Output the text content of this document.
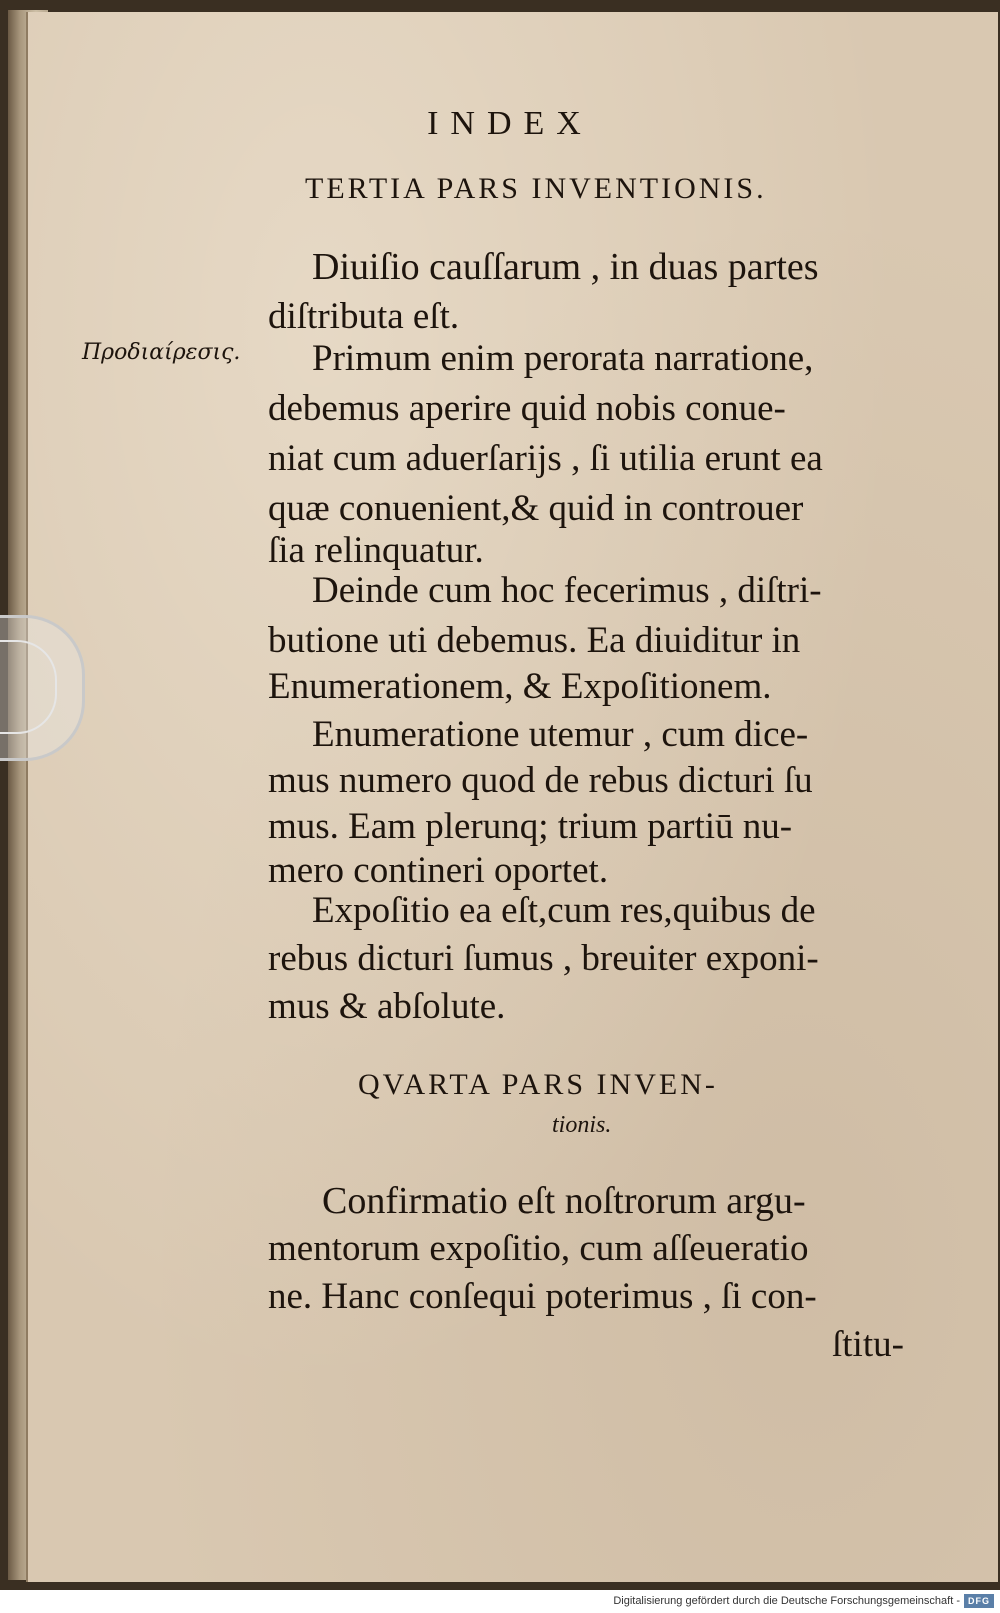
INDEX
TERTIA PARS INVENTIONIS.
Προδιαίρεσις.
Diuiſio cauſſarum , in duas partes
diſtributa eſt.
Primum enim perorata narratione,
debemus aperire quid nobis conue-
niat cum aduerſarijs , ſi utilia erunt ea
quæ conuenient,& quid in controuer
ſia relinquatur.
Deinde cum hoc fecerimus , diſtri-
butione uti debemus. Ea diuiditur in
Enumerationem, & Expoſitionem.
Enumeratione utemur , cum dice-
mus numero quod de rebus dicturi ſu
mus. Eam plerunq; trium partiū nu-
mero contineri oportet.
Expoſitio ea eſt,cum res,quibus de
rebus dicturi ſumus , breuiter exponi-
mus & abſolute.
QVARTA PARS INVEN-
tionis.
Confirmatio eſt noſtrorum argu-
mentorum expoſitio, cum aſſeueratio
ne. Hanc conſequi poterimus , ſi con-
ſtitu-
Digitalisierung gefördert durch die Deutsche Forschungsgemeinschaft - DFG
